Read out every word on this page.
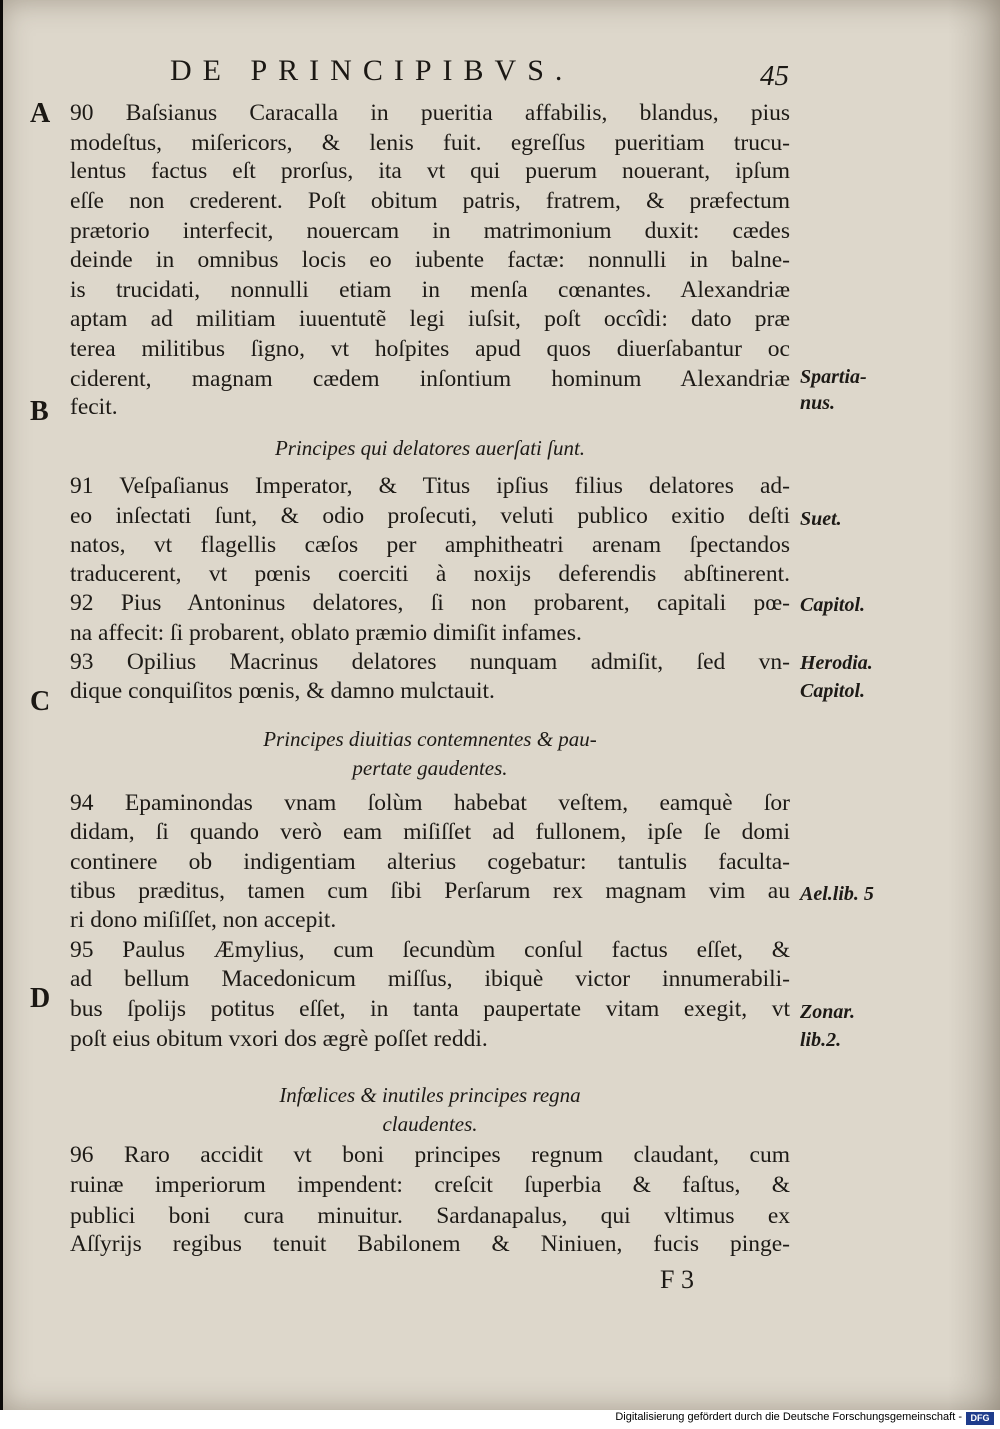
DE PRINCIPIBVS.	45
A
B
C
D
90 Baſsianus Caracalla in pueritia affabilis, blandus, pius
modeſtus, miſericors, & lenis fuit. egreſſus pueritiam trucu-
lentus factus eſt prorſus, ita vt qui puerum nouerant, ipſum
eſſe non crederent. Poſt obitum patris, fratrem, & præfectum
prætorio interfecit, nouercam in matrimonium duxit: cædes
deinde in omnibus locis eo iubente factæ: nonnulli in balne-
is trucidati, nonnulli etiam in menſa cœnantes. Alexandriæ
aptam ad militiam iuuentutẽ legi iuſsit, poſt occîdi: dato præ
terea militibus ſigno, vt hoſpites apud quos diuerſabantur oc
ciderent, magnam cædem inſontium hominum Alexandriæ
fecit.
Principes qui delatores auerſati ſunt.
91 Veſpaſianus Imperator, & Titus ipſius filius delatores ad-
eo inſectati ſunt, & odio proſecuti, veluti publico exitio deſti
natos, vt flagellis cæſos per amphitheatri arenam ſpectandos
traducerent, vt pœnis coerciti à noxijs deferendis abſtinerent.
92 Pius Antoninus delatores, ſi non probarent, capitali pœ-
na affecit: ſi probarent, oblato præmio dimiſit infames.
93 Opilius Macrinus delatores nunquam admiſit, ſed vn-
dique conquiſitos pœnis, & damno mulctauit.
Principes diuitias contemnentes & pau-
pertate gaudentes.
94 Epaminondas vnam ſolùm habebat veſtem, eamquè ſor
didam, ſi quando verò eam miſiſſet ad fullonem, ipſe ſe domi
continere ob indigentiam alterius cogebatur: tantulis faculta-
tibus præditus, tamen cum ſibi Perſarum rex magnam vim au
ri dono miſiſſet, non accepit.
95 Paulus Æmylius, cum ſecundùm conſul factus eſſet, &
ad bellum Macedonicum miſſus, ibiquè victor innumerabili-
bus ſpolijs potitus eſſet, in tanta paupertate vitam exegit, vt
poſt eius obitum vxori dos ægrè poſſet reddi.
Infœlices & inutiles principes regna
claudentes.
96 Raro accidit vt boni principes regnum claudant, cum
ruinæ imperiorum impendent: creſcit ſuperbia & faſtus, &
publici boni cura minuitur. Sardanapalus, qui vltimus ex
Aſſyrijs regibus tenuit Babilonem & Niniuen, fucis pinge-
Spartia-
nus.
Suet.
Capitol.
Herodia.
Capitol.
Ael.lib. 5
Zonar.
lib.2.
F 3
Digitalisierung gefördert durch die Deutsche Forschungsgemeinschaft - DFG
